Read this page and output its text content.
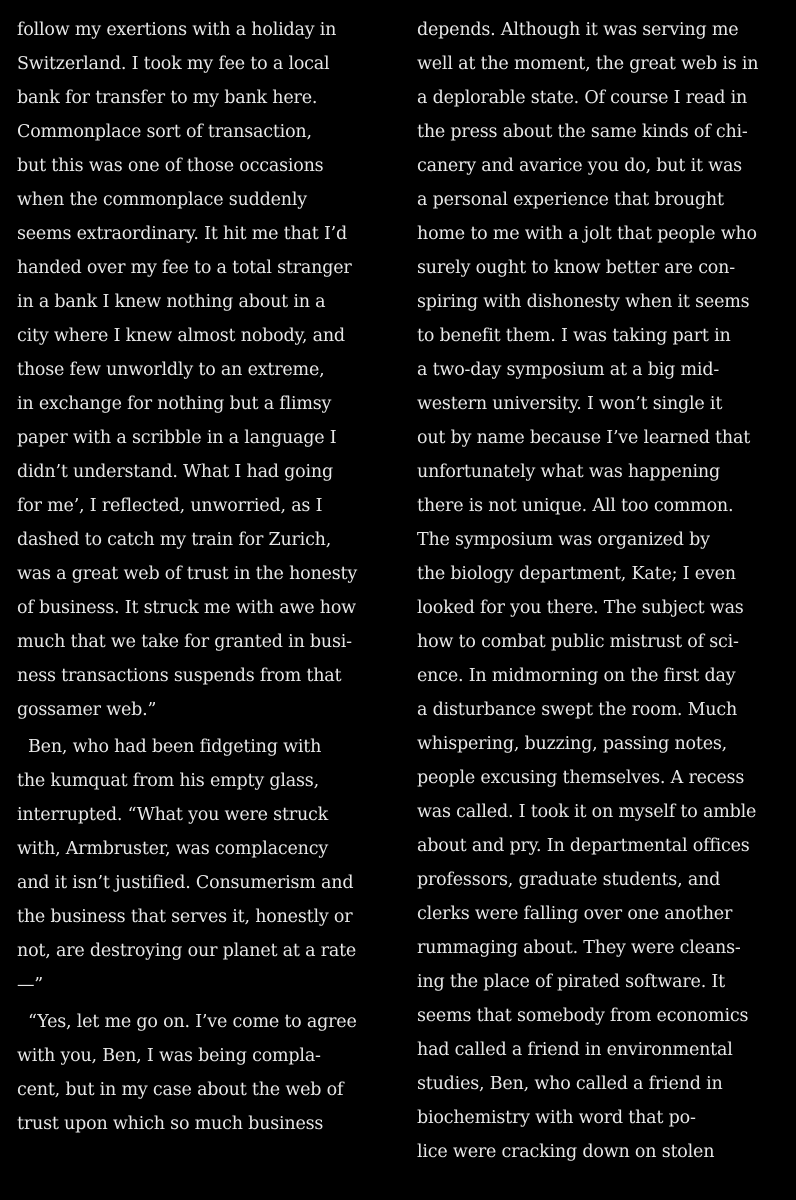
follow my exertions with a holiday in
Switzerland. I took my fee to a local
bank for transfer to my bank here.
Commonplace sort of transaction,
but this was one of those occasions
when the commonplace suddenly
seems extraordinary. It hit me that I’d
handed over my fee to a total stranger
in a bank I knew nothing about in a
city where I knew almost nobody, and
those few unworldly to an extreme,
in exchange for nothing but a flimsy
paper with a scribble in a language I
didn’t understand. What I had going
for me’, I reflected, unworried, as I
dashed to catch my train for Zurich,
was a great web of trust in the honesty
of business. It struck me with awe how
much that we take for granted in busi-
ness transactions suspends from that
gossamer web.”
Ben, who had been fidgeting with
the kumquat from his empty glass,
interrupted. “What you were struck
with, Armbruster, was complacency
and it isn’t justified. Consumerism and
the business that serves it, honestly or
not, are destroying our planet at a rate
—”
“Yes, let me go on. I’ve come to agree
with you, Ben, I was being compla-
cent, but in my case about the web of
trust upon which so much business
depends. Although it was serving me
well at the moment, the great web is in
a deplorable state. Of course I read in
the press about the same kinds of chi-
canery and avarice you do, but it was
a personal experience that brought
home to me with a jolt that people who
surely ought to know better are con-
spiring with dishonesty when it seems
to benefit them. I was taking part in
a two-day symposium at a big mid-
western university. I won’t single it
out by name because I’ve learned that
unfortunately what was happening
there is not unique. All too common.
The symposium was organized by
the biology department, Kate; I even
looked for you there. The subject was
how to combat public mistrust of sci-
ence. In midmorning on the first day
a disturbance swept the room. Much
whispering, buzzing, passing notes,
people excusing themselves. A recess
was called. I took it on myself to amble
about and pry. In departmental offices
professors, graduate students, and
clerks were falling over one another
rummaging about. They were cleans-
ing the place of pirated software. It
seems that somebody from economics
had called a friend in environmental
studies, Ben, who called a friend in
biochemistry with word that po-
lice were cracking down on stolen
